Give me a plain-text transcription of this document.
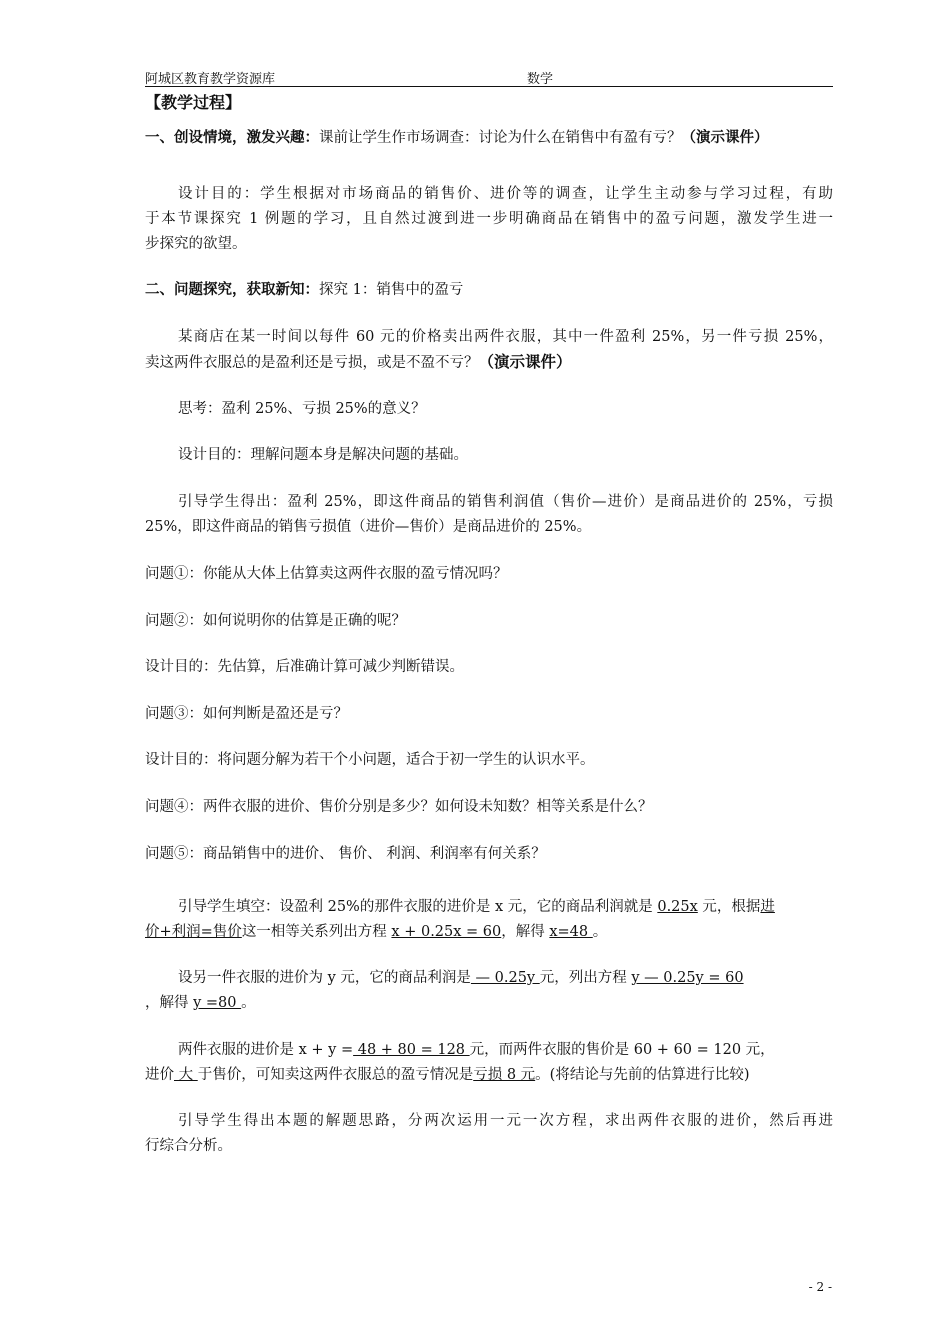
阿城区教育教学资源库	数学
【教学过程】
一、创设情境，激发兴趣：课前让学生作市场调查：讨论为什么在销售中有盈有亏？（演示课件）
设计目的：学生根据对市场商品的销售价、进价等的调查，让学生主动参与学习过程，有助
于本节课探究 1 例题的学习，且自然过渡到进一步明确商品在销售中的盈亏问题，激发学生进一
步探究的欲望。
二、问题探究，获取新知：探究 1：销售中的盈亏
某商店在某一时间以每件 60 元的价格卖出两件衣服，其中一件盈利 25%，另一件亏损 25%，
卖这两件衣服总的是盈利还是亏损，或是不盈不亏？（演示课件）
思考：盈利 25%、亏损 25%的意义？
设计目的：理解问题本身是解决问题的基础。
引导学生得出：盈利 25%，即这件商品的销售利润值（售价—进价）是商品进价的 25%，亏损
25%，即这件商品的销售亏损值（进价—售价）是商品进价的 25%。
问题①：你能从大体上估算卖这两件衣服的盈亏情况吗？
问题②：如何说明你的估算是正确的呢？
设计目的：先估算，后准确计算可减少判断错误。
问题③：如何判断是盈还是亏？
设计目的：将问题分解为若干个小问题，适合于初一学生的认识水平。
问题④：两件衣服的进价、售价分别是多少？如何设未知数？相等关系是什么？
问题⑤：商品销售中的进价、 售价、 利润、利润率有何关系？
引导学生填空：设盈利 25%的那件衣服的进价是 x 元，它的商品利润就是 0.25x 元，根据进
价+利润=售价这一相等关系列出方程 x + 0.25x = 60，解得 x=48 。
设另一件衣服的进价为 y 元，它的商品利润是 — 0.25y 元，列出方程 y — 0.25y = 60
，解得 y =80 。
两件衣服的进价是 x + y = 48 + 80 = 128 元，而两件衣服的售价是 60 + 60 = 120 元，
进价 大 于售价，可知卖这两件衣服总的盈亏情况是亏损 8 元。(将结论与先前的估算进行比较)
引导学生得出本题的解题思路，分两次运用一元一次方程，求出两件衣服的进价，然后再进
行综合分析。
- 2 -
